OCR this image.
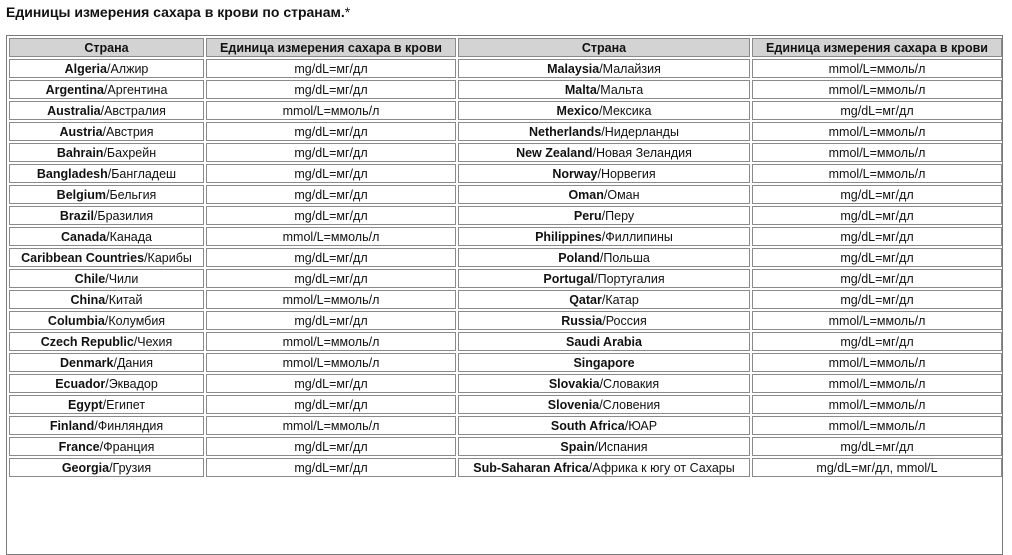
Единицы измерения сахара в крови по странам.*
Страна	Единица измерения сахара в крови	Страна	Единица измерения сахара в крови
Algeria/Алжир	mg/dL=мг/дл	Malaysia/Малайзия	mmol/L=ммоль/л
Argentina/Аргентина	mg/dL=мг/дл	Malta/Мальта	mmol/L=ммоль/л
Australia/Австралия	mmol/L=ммоль/л	Mexico/Мексика	mg/dL=мг/дл
Austria/Австрия	mg/dL=мг/дл	Netherlands/Нидерланды	mmol/L=ммоль/л
Bahrain/Бахрейн	mg/dL=мг/дл	New Zealand/Новая Зеландия	mmol/L=ммоль/л
Bangladesh/Бангладеш	mg/dL=мг/дл	Norway/Норвегия	mmol/L=ммоль/л
Belgium/Бельгия	mg/dL=мг/дл	Oman/Оман	mg/dL=мг/дл
Brazil/Бразилия	mg/dL=мг/дл	Peru/Перу	mg/dL=мг/дл
Canada/Канада	mmol/L=ммоль/л	Philippines/Филлипины	mg/dL=мг/дл
Caribbean Countries/Карибы	mg/dL=мг/дл	Poland/Польша	mg/dL=мг/дл
Chile/Чили	mg/dL=мг/дл	Portugal/Португалия	mg/dL=мг/дл
China/Китай	mmol/L=ммоль/л	Qatar/Катар	mg/dL=мг/дл
Columbia/Колумбия	mg/dL=мг/дл	Russia/Россия	mmol/L=ммоль/л
Czech Republic/Чехия	mmol/L=ммоль/л	Saudi Arabia	mg/dL=мг/дл
Denmark/Дания	mmol/L=ммоль/л	Singapore	mmol/L=ммоль/л
Ecuador/Эквадор	mg/dL=мг/дл	Slovakia/Словакия	mmol/L=ммоль/л
Egypt/Египет	mg/dL=мг/дл	Slovenia/Словения	mmol/L=ммоль/л
Finland/Финляндия	mmol/L=ммоль/л	South Africa/ЮАР	mmol/L=ммоль/л
France/Франция	mg/dL=мг/дл	Spain/Испания	mg/dL=мг/дл
Georgia/Грузия	mg/dL=мг/дл	Sub-Saharan Africa/Африка к югу от Сахары	mg/dL=мг/дл, mmol/L
